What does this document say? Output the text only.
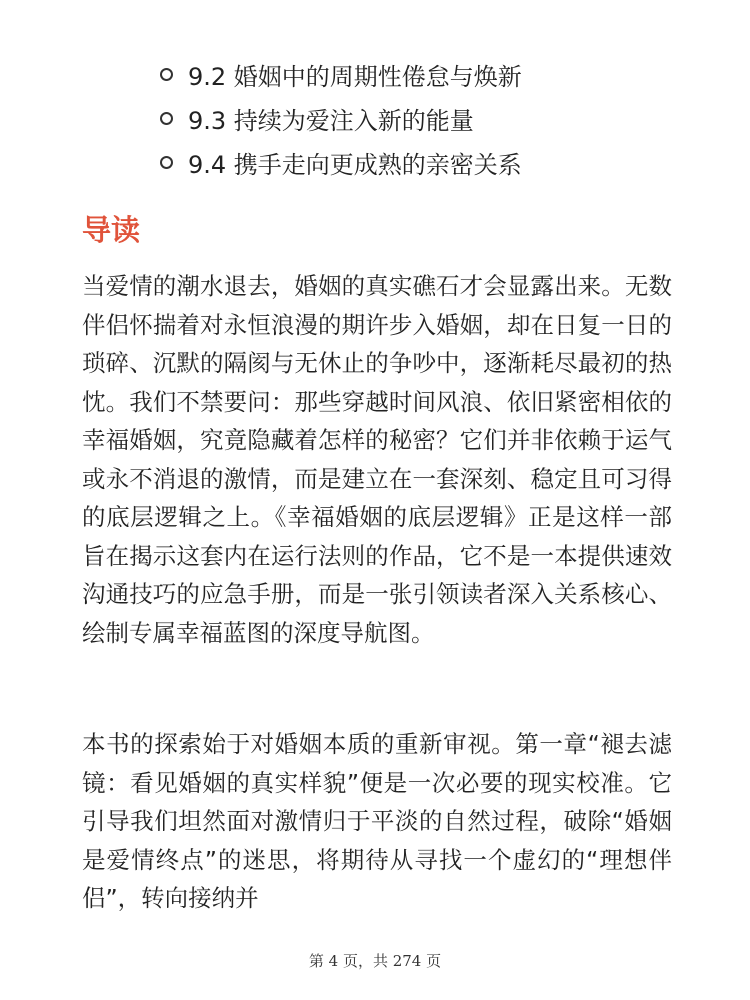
9.2 婚姻中的周期性倦怠与焕新
9.3 持续为爱注入新的能量
9.4 携手走向更成熟的亲密关系
导读

当爱情的潮水退去，婚姻的真实礁石才会显露出来。无数伴侣怀揣着对永恒浪漫的期许步入婚姻，却在日复一日的琐碎、沉默的隔阂与无休止的争吵中，逐渐耗尽最初的热忱。我们不禁要问：那些穿越时间风浪、依旧紧密相依的幸福婚姻，究竟隐藏着怎样的秘密？它们并非依赖于运气或永不消退的激情，而是建立在一套深刻、稳定且可习得的底层逻辑之上。《幸福婚姻的底层逻辑》正是这样一部旨在揭示这套内在运行法则的作品，它不是一本提供速效沟通技巧的应急手册，而是一张引领读者深入关系核心、绘制专属幸福蓝图的深度导航图。

本书的探索始于对婚姻本质的重新审视。第一章“褪去滤镜：看见婚姻的真实样貌”便是一次必要的现实校准。它引导我们坦然面对激情归于平淡的自然过程，破除“婚姻是爱情终点”的迷思，将期待从寻找一个虚幻的“理想伴侣”，转向接纳并

第 4 页，共 274 页
